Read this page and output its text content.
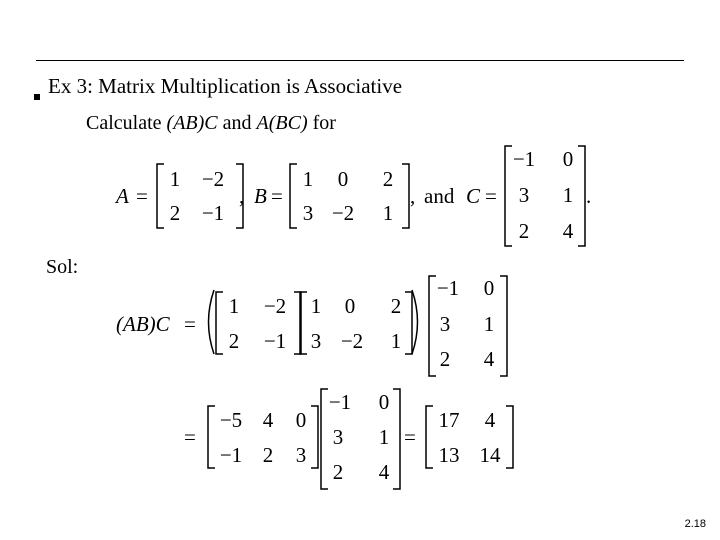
Ex 3: Matrix Multiplication is Associative
Calculate (AB)C and A(BC) for
Sol:
A =	, B =	, and C =	.
1 −2
2 −1
1 0 2
3 −2 1
−1 0
3 1
2 4
(AB)C =
1 −2
2 −1
1 0 2
3 −2 1
−1 0
3 1
2 4
=
−5 4 0
−1 2 3
−1 0
3 1
2 4
=
17 4
13 14
2.18
